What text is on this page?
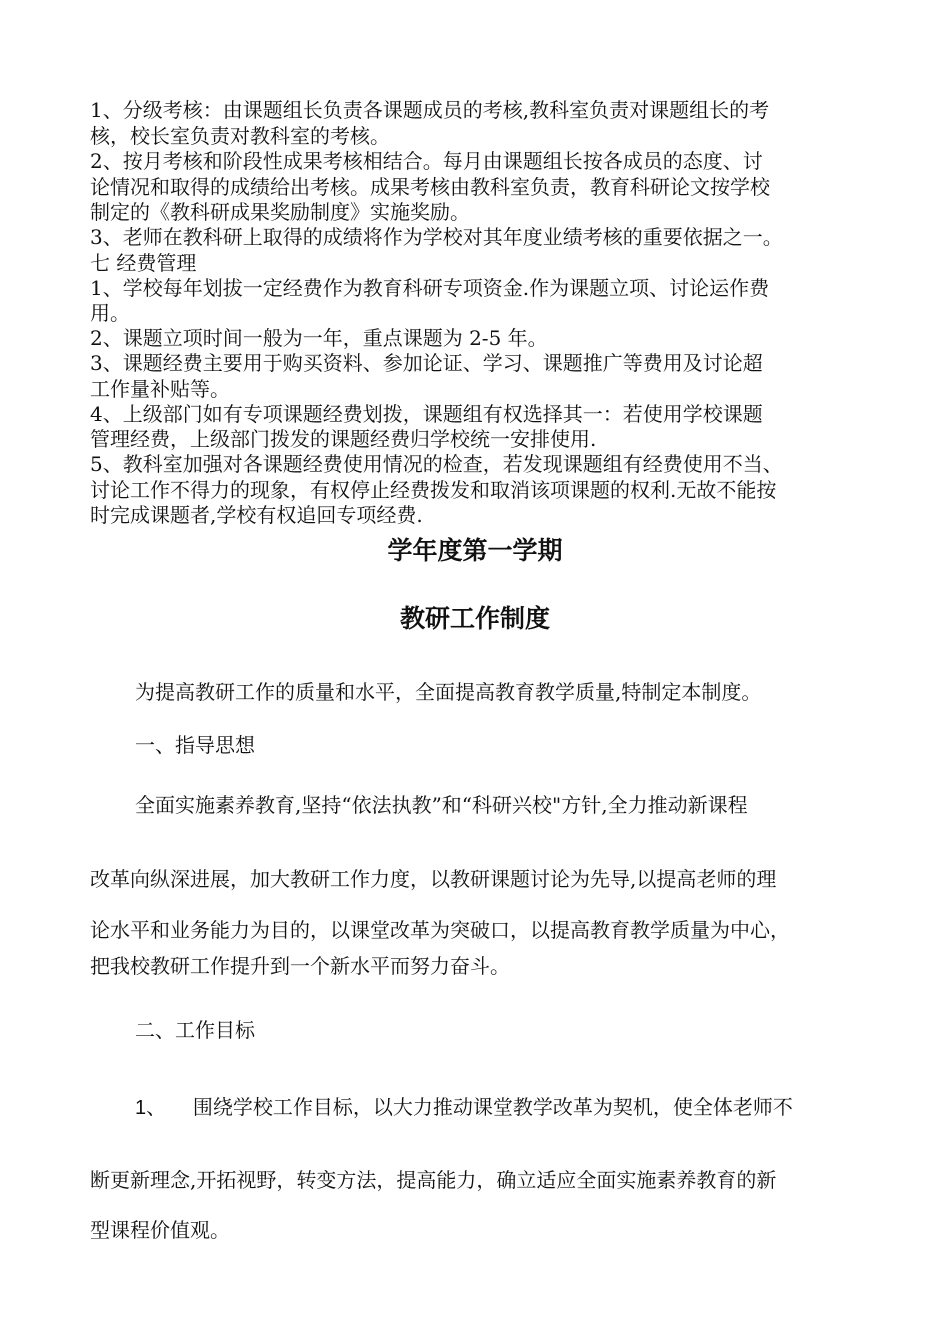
1、分级考核：由课题组长负责各课题成员的考核,教科室负责对课题组长的考
核，校长室负责对教科室的考核。
2、按月考核和阶段性成果考核相结合。每月由课题组长按各成员的态度、讨
论情况和取得的成绩给出考核。成果考核由教科室负责，教育科研论文按学校
制定的《教科研成果奖励制度》实施奖励。
3、老师在教科研上取得的成绩将作为学校对其年度业绩考核的重要依据之一。
七 经费管理
1、学校每年划拔一定经费作为教育科研专项资金.作为课题立项、讨论运作费
用。
2、课题立项时间一般为一年，重点课题为 2-5 年。
3、课题经费主要用于购买资料、参加论证、学习、课题推广等费用及讨论超
工作量补贴等。
4、上级部门如有专项课题经费划拨，课题组有权选择其一：若使用学校课题
管理经费，上级部门拨发的课题经费归学校统一安排使用.
5、教科室加强对各课题经费使用情况的检查，若发现课题组有经费使用不当、
讨论工作不得力的现象，有权停止经费拨发和取消该项课题的权利.无故不能按
时完成课题者,学校有权追回专项经费.
学年度第一学期
教研工作制度
为提高教研工作的质量和水平，全面提高教育教学质量,特制定本制度。
一、指导思想
全面实施素养教育,坚持“依法执教”和“科研兴校"方针,全力推动新课程
改革向纵深进展，加大教研工作力度，以教研课题讨论为先导,以提高老师的理
论水平和业务能力为目的，以课堂改革为突破口，以提高教育教学质量为中心，
把我校教研工作提升到一个新水平而努力奋斗。
二、工作目标
1、 围绕学校工作目标，以大力推动课堂教学改革为契机，使全体老师不
断更新理念,开拓视野，转变方法，提高能力，确立适应全面实施素养教育的新
型课程价值观。
